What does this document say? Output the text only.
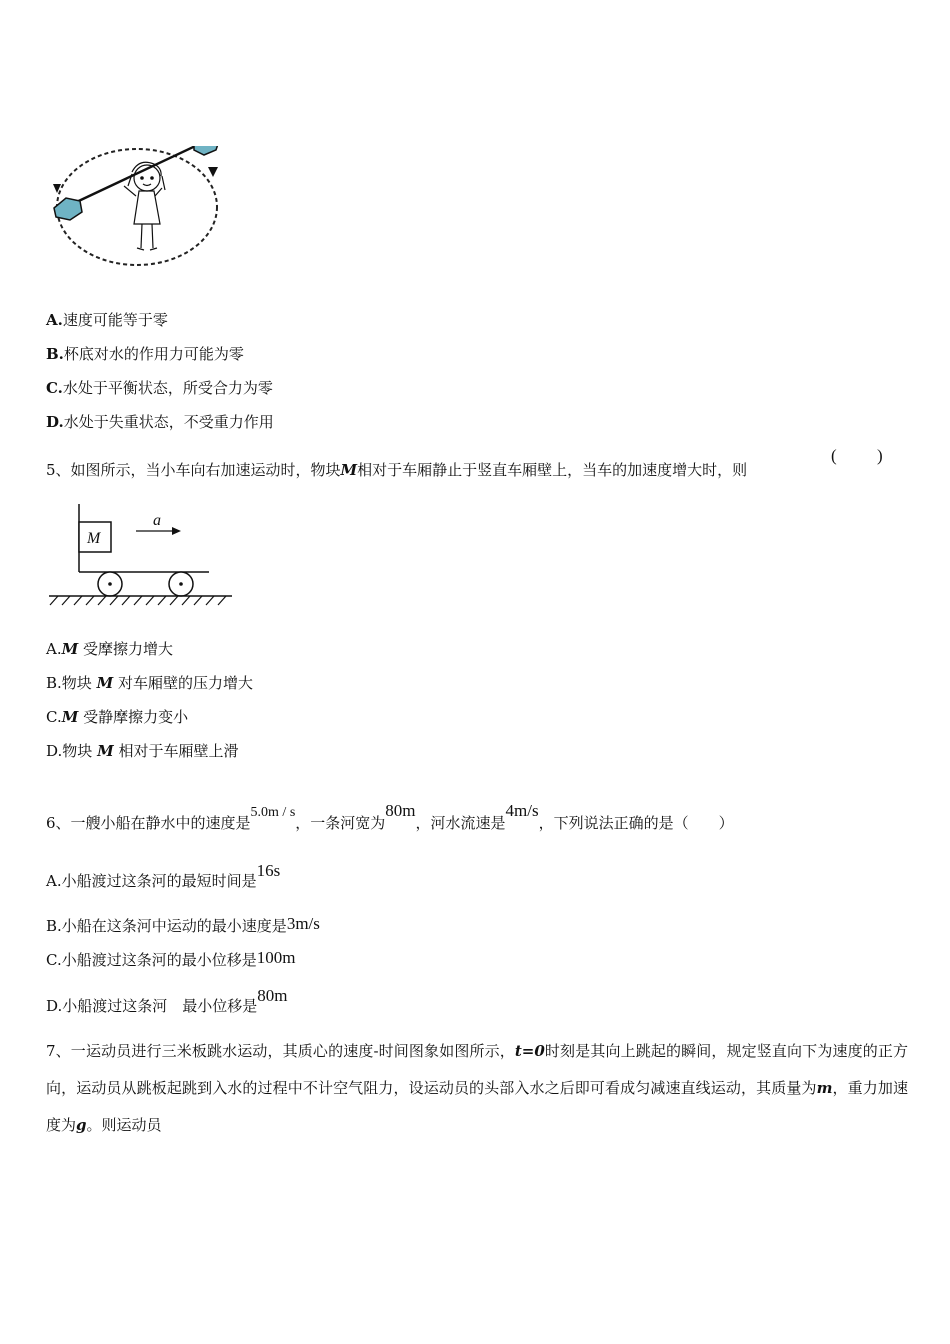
A.速度可能等于零
B.杯底对水的作用力可能为零
C.水处于平衡状态，所受合力为零
D.水处于失重状态，不受重力作用
5、如图所示，当小车向右加速运动时，物块M相对于车厢静止于竖直车厢壁上，当车的加速度增大时，则
( )
M
a
A.M 受摩擦力增大
B.物块 M 对车厢壁的压力增大
C.M 受静摩擦力变小
D.物块 M 相对于车厢壁上滑
6、一艘小船在静水中的速度是5.0m / s，一条河宽为80m，河水流速是4m/s，下列说法正确的是（　　）
A.小船渡过这条河的最短时间是16s
B.小船在这条河中运动的最小速度是3m/s
C.小船渡过这条河的最小位移是100m
D.小船渡过这条河　最小位移是80m
7、一运动员进行三米板跳水运动，其质心的速度-时间图象如图所示，t=0时刻是其向上跳起的瞬间，规定竖直向下为速度的正方向，运动员从跳板起跳到入水的过程中不计空气阻力，设运动员的头部入水之后即可看成匀减速直线运动，其质量为m，重力加速度为g。则运动员
